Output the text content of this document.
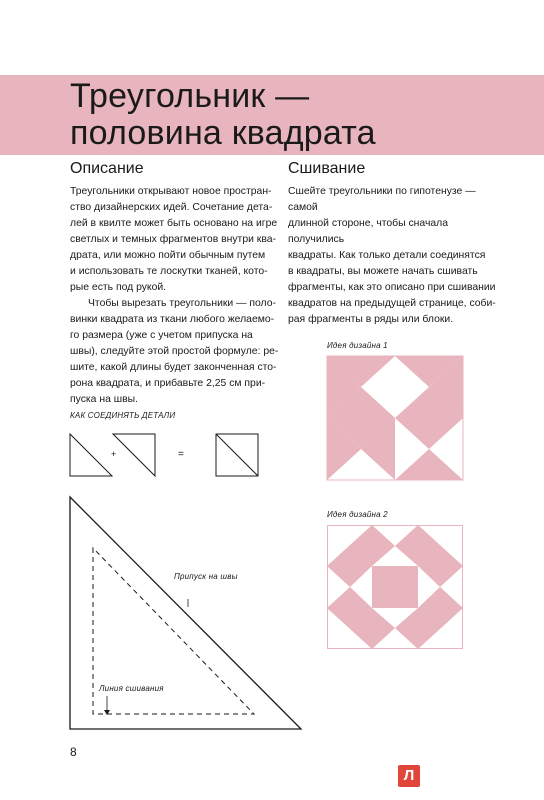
Треугольник —
половина квадрата
Описание

Треугольники открывают новое простран-
ство дизайнерских идей. Сочетание дета-
лей в квилте может быть основано на игре
светлых и темных фрагментов внутри ква-
драта, или можно пойти обычным путем
и использовать те лоскутки тканей, кото-
рые есть под рукой.

Чтобы вырезать треугольники — поло-
винки квадрата из ткани любого желаемо-
го размера (уже с учетом припуска на
швы), следуйте этой простой формуле: ре-
шите, какой длины будет законченная сто-
рона квадрата, и прибавьте 2,25 см при-
пуска на швы.

Сшивание

Сшейте треугольники по гипотенузе — самой
длинной стороне, чтобы сначала получились
квадраты. Как только детали соединятся
в квадраты, вы можете начать сшивать
фрагменты, как это описано при сшивании
квадратов на предыдущей странице, соби-
рая фрагменты в ряды или блоки.

КАК СОЕДИНЯТЬ ДЕТАЛИ
+	=
Припуск на швы
Линия сшивания
Идея дизайна 1
Идея дизайна 2
8
Л
